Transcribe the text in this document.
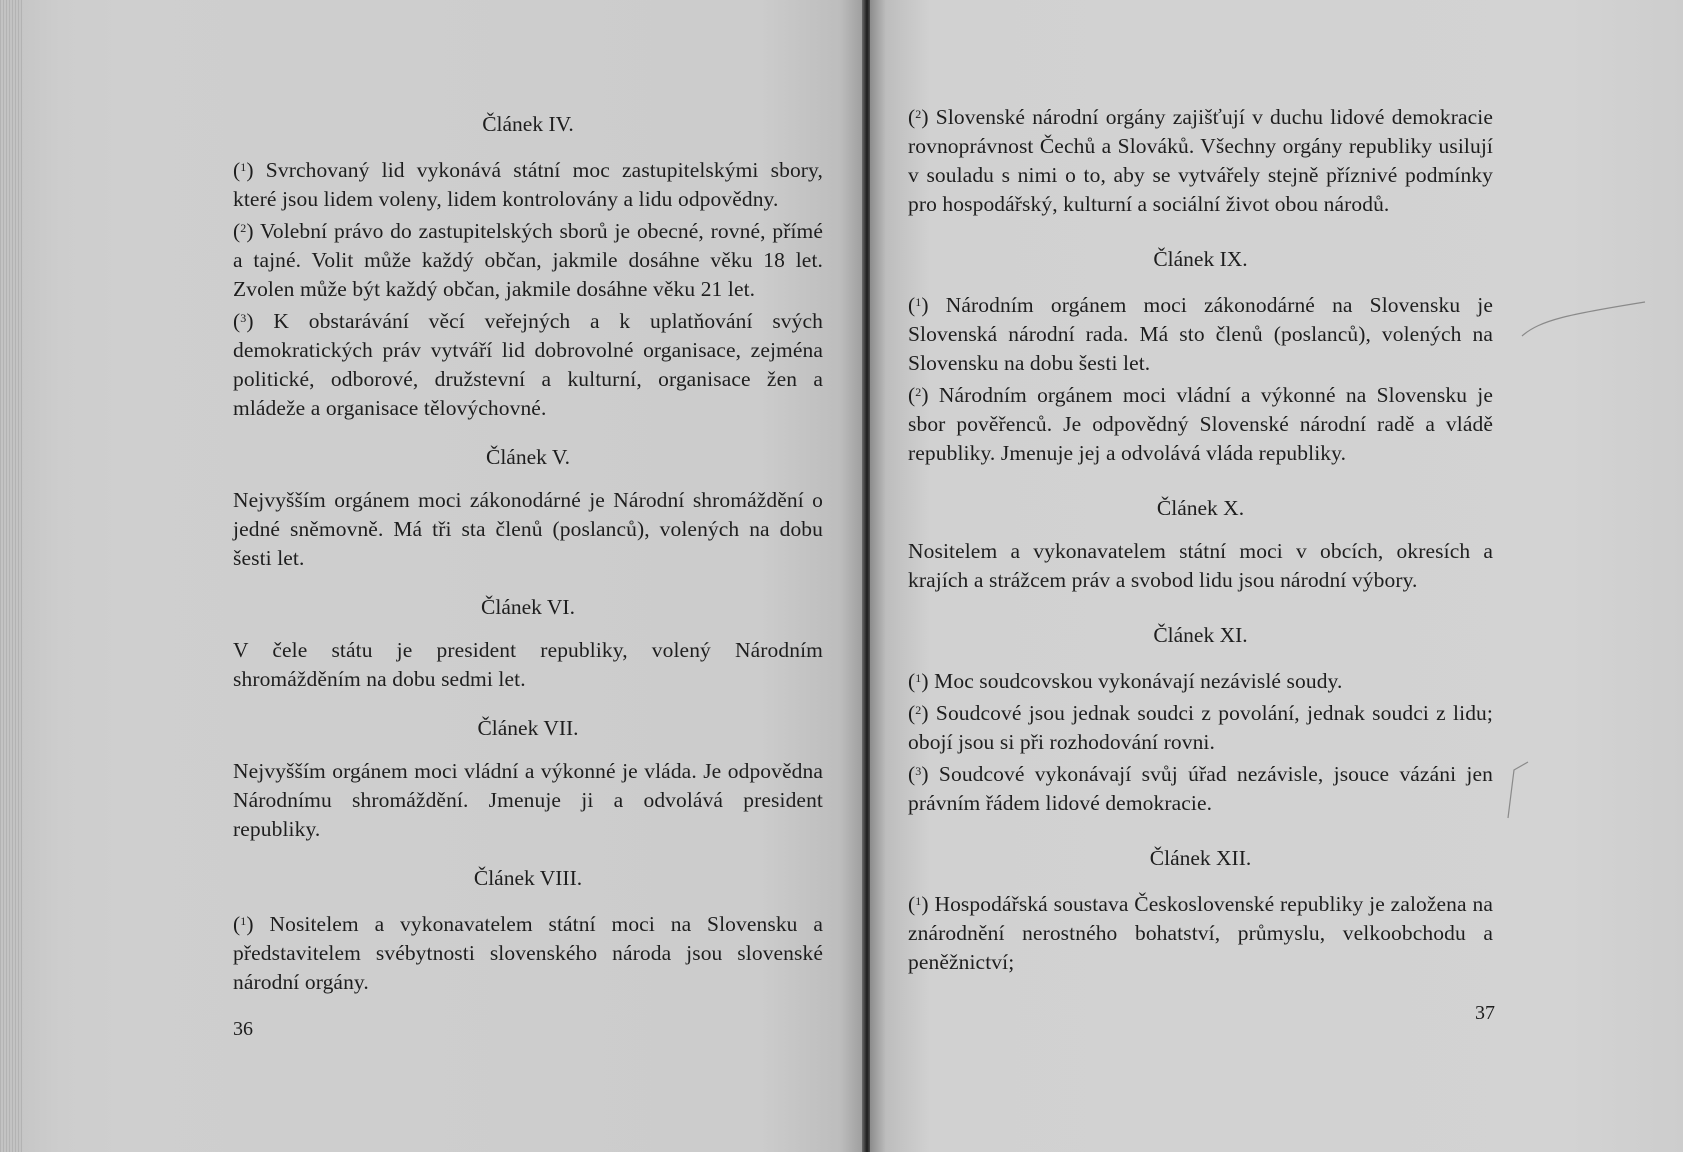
Článek IV.

($^1$) Svrchovaný lid vykonává státní moc zastupitelskými sbory, které jsou lidem voleny, lidem kontrolovány a lidu odpovědny.

($^2$) Volební právo do zastupitelských sborů je obecné, rovné, přímé a tajné. Volit může každý občan, jakmile dosáhne věku 18 let. Zvolen může být každý občan, jakmile dosáhne věku 21 let.

($^3$) K obstarávání věcí veřejných a k uplatňování svých demokratických práv vytváří lid dobrovolné organisace, zejména politické, odborové, družstevní a kulturní, organisace žen a mládeže a organisace tělovýchovné.

Článek V.

Nejvyšším orgánem moci zákonodárné je Národní shromáždění o jedné sněmovně. Má tři sta členů (poslanců), volených na dobu šesti let.

Článek VI.

V čele státu je president republiky, volený Národním shromážděním na dobu sedmi let.

Článek VII.

Nejvyšším orgánem moci vládní a výkonné je vláda. Je odpovědna Národnímu shromáždění. Jmenuje ji a odvolává president republiky.

Článek VIII.

($^1$) Nositelem a vykonavatelem státní moci na Slovensku a představitelem svébytnosti slovenského národa jsou slovenské národní orgány.

36

($^2$) Slovenské národní orgány zajišťují v duchu lidové demokracie rovnoprávnost Čechů a Slováků. Všechny orgány republiky usilují v souladu s nimi o to, aby se vytvářely stejně příznivé podmínky pro hospodářský, kulturní a sociální život obou národů.

Článek IX.

($^1$) Národním orgánem moci zákonodárné na Slovensku je Slovenská národní rada. Má sto členů (poslanců), volených na Slovensku na dobu šesti let.

($^2$) Národním orgánem moci vládní a výkonné na Slovensku je sbor pověřenců. Je odpovědný Slovenské národní radě a vládě republiky. Jmenuje jej a odvolává vláda republiky.

Článek X.

Nositelem a vykonavatelem státní moci v obcích, okresích a krajích a strážcem práv a svobod lidu jsou národní výbory.

Článek XI.

($^1$) Moc soudcovskou vykonávají nezávislé soudy.

($^2$) Soudcové jsou jednak soudci z povolání, jednak soudci z lidu; obojí jsou si při rozhodování rovni.

($^3$) Soudcové vykonávají svůj úřad nezávisle, jsouce vázáni jen právním řádem lidové demokracie.

Článek XII.

($^1$) Hospodářská soustava Československé republiky je založena na znárodnění nerostného bohatství, průmyslu, velkoobchodu a peněžnictví;

37
